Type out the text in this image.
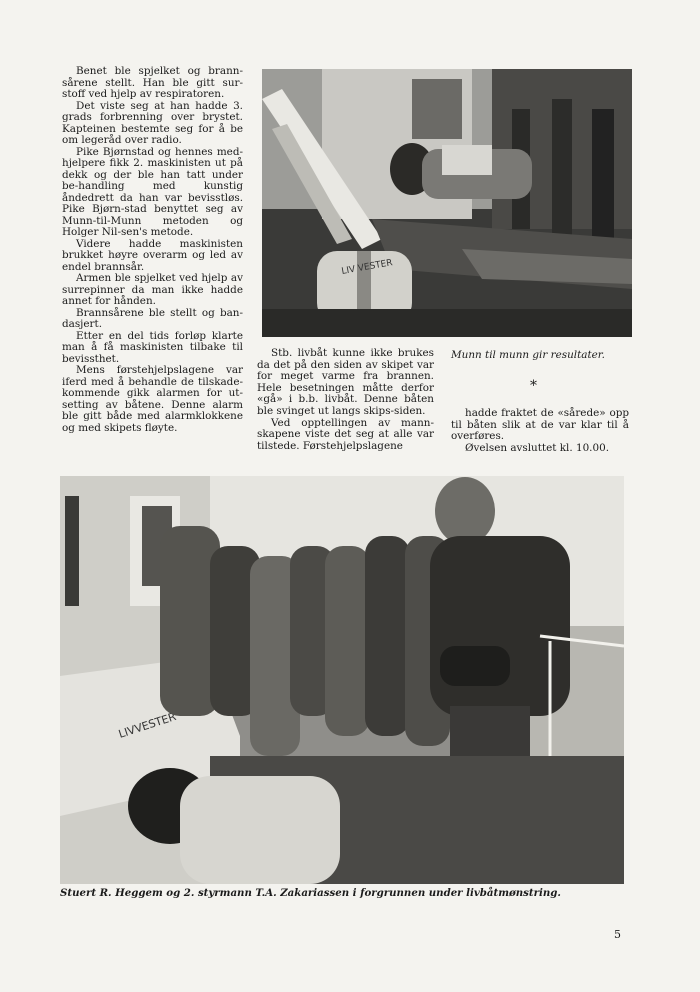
Benet ble spjelket og brann-sårene stellt. Han ble gitt sur-stoff ved hjelp av respiratoren.

Det viste seg at han hadde 3. grads forbrenning over brystet. Kapteinen bestemte seg for å be om legeråd over radio.

Pike Bjørnstad og hennes med-hjelpere fikk 2. maskinisten ut på dekk og der ble han tatt under be-handling med kunstig åndedrett da han var bevisstløs. Pike Bjørn-stad benyttet seg av Munn-til-Munn metoden og Holger Nil-sen's metode.

Videre hadde maskinisten brukket høyre overarm og led av endel brannsår.

Armen ble spjelket ved hjelp av surrepinner da man ikke hadde annet for hånden.

Brannsårene ble stellt og ban-dasjert.

Etter en del tids forløp klarte man å få maskinisten tilbake til bevissthet.

Mens førstehjelpslagene var iferd med å behandle de tilskade-kommende gikk alarmen for ut-setting av båtene. Denne alarm ble gitt både med alarmklokkene og med skipets fløyte.

LIV VESTER

Stb. livbåt kunne ikke brukes da det på den siden av skipet var for meget varme fra brannen. Hele besetningen måtte derfor «gå» i b.b. livbåt. Denne båten ble svinget ut langs skips-siden.

Ved opptellingen av mann-skapene viste det seg at alle var tilstede. Førstehjelpslagene

Munn til munn gir resultater.
*

hadde fraktet de «sårede» opp til båten slik at de var klar til å overføres.

Øvelsen avsluttet kl. 10.00.

LIVVESTER
Stuert R. Heggem og 2. styrmann T.A. Zakariassen i forgrunnen under livbåtmønstring.
5
